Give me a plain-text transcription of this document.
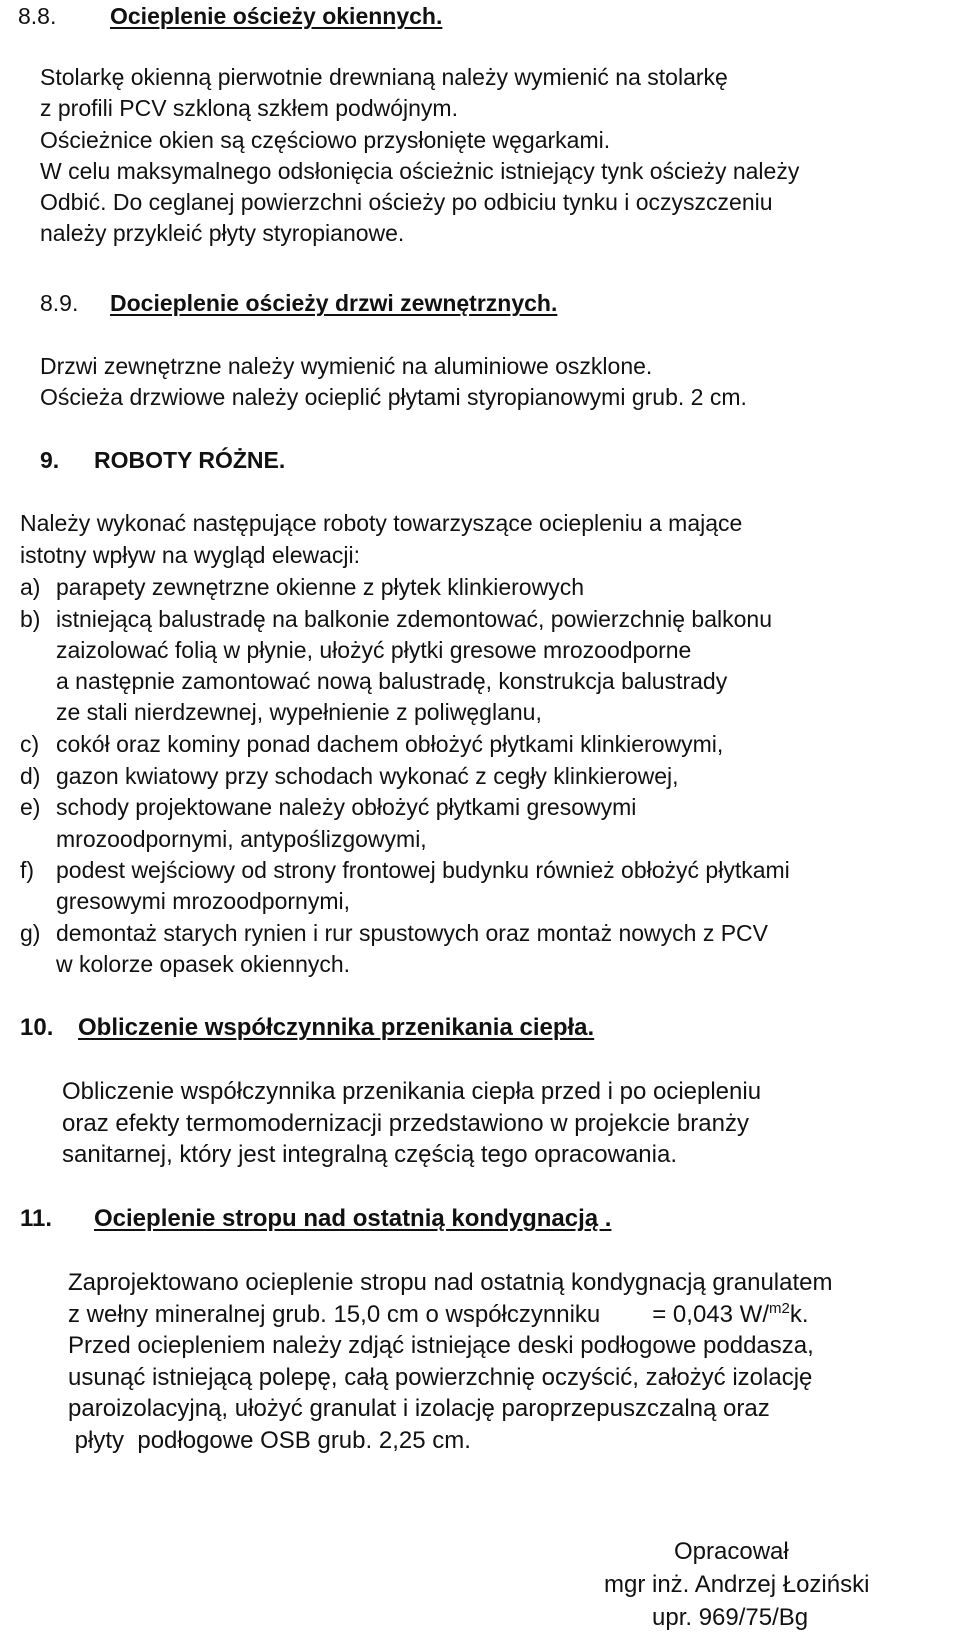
8.8. Ocieplenie ościeży okiennych.
Stolarkę okienną pierwotnie drewnianą należy wymienić na stolarkę
z profili PCV szkloną szkłem podwójnym.
Ościeżnice okien są częściowo przysłonięte węgarkami.
W celu maksymalnego odsłonięcia ościeżnic istniejący tynk ościeży należy
Odbić. Do ceglanej powierzchni ościeży po odbiciu tynku i oczyszczeniu
należy przykleić płyty styropianowe.
8.9. Docieplenie ościeży drzwi zewnętrznych.
Drzwi zewnętrzne należy wymienić na aluminiowe oszklone.
Ościeża drzwiowe należy ocieplić płytami styropianowymi grub. 2 cm.
9. ROBOTY RÓŻNE.
Należy wykonać następujące roboty towarzyszące ociepleniu a mające
istotny wpływ na wygląd elewacji:
a) parapety zewnętrzne okienne z płytek klinkierowych
b) istniejącą balustradę na balkonie zdemontować, powierzchnię balkonu
zaizolować folią w płynie, ułożyć płytki gresowe mrozoodporne
a następnie zamontować nową balustradę, konstrukcja balustrady
ze stali nierdzewnej, wypełnienie z poliwęglanu,
c) cokół oraz kominy ponad dachem obłożyć płytkami klinkierowymi,
d) gazon kwiatowy przy schodach wykonać z cegły klinkierowej,
e) schody projektowane należy obłożyć płytkami gresowymi
mrozoodpornymi, antypoślizgowymi,
f) podest wejściowy od strony frontowej budynku również obłożyć płytkami
gresowymi mrozoodpornymi,
g) demontaż starych rynien i rur spustowych oraz montaż nowych z PCV
w kolorze opasek okiennych.
10. Obliczenie współczynnika przenikania ciepła.
Obliczenie współczynnika przenikania ciepła przed i po ociepleniu
oraz efekty termomodernizacji przedstawiono w projekcie branży
sanitarnej, który jest integralną częścią tego opracowania.
11. Ocieplenie stropu nad ostatnią kondygnacją .
Zaprojektowano ocieplenie stropu nad ostatnią kondygnacją granulatem
z wełny mineralnej grub. 15,0 cm o współczynniku = 0,043 W/$^{m2}$k.
Przed ociepleniem należy zdjąć istniejące deski podłogowe poddasza,
usunąć istniejącą polepę, całą powierzchnię oczyścić, założyć izolację
paroizolacyjną, ułożyć granulat i izolację paroprzepuszczalną oraz
płyty  podłogowe OSB grub. 2,25 cm.
Opracował
mgr inż. Andrzej Łoziński
upr. 969/75/Bg
